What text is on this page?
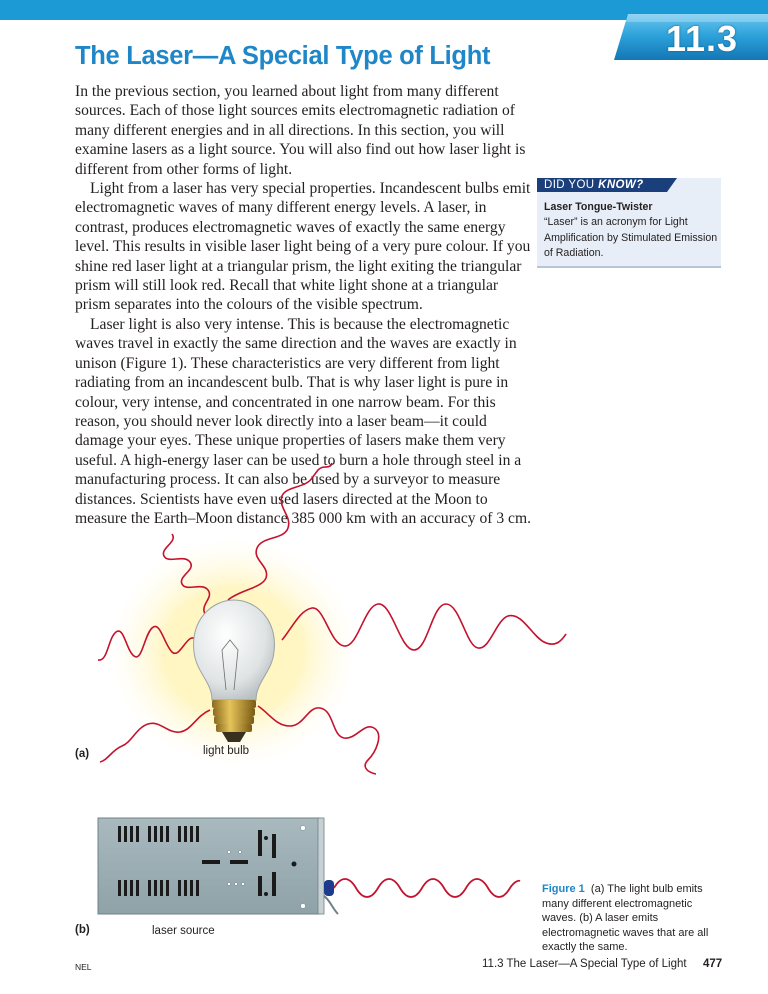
11.3
The Laser—A Special Type of Light

In the previous section, you learned about light from many different sources. Each of those light sources emits electromagnetic radiation of many different energies and in all directions. In this section, you will examine lasers as a light source. You will also find out how laser light is different from other forms of light.

Light from a laser has very special properties. Incandescent bulbs emit electromagnetic waves of many different energy levels. A laser, in contrast, produces electromagnetic waves of exactly the same energy level. This results in visible laser light being of a very pure colour. If you shine red laser light at a triangular prism, the light exiting the triangular prism will still look red. Recall that white light shone at a triangular prism separates into the colours of the visible spectrum.

Laser light is also very intense. This is because the electromagnetic waves travel in exactly the same direction and the waves are exactly in unison (Figure 1). These characteristics are very different from light radiating from an incandescent bulb. That is why laser light is pure in colour, very intense, and concentrated in one narrow beam. For this reason, you should never look directly into a laser beam—it could damage your eyes. These unique properties of lasers make them very useful. A high-energy laser can be used to burn a hole through steel in a manufacturing process. It can also be used by a surveyor to measure distances. Scientists have even used lasers directed at the Moon to measure the Earth–Moon distance 385 000 km with an accuracy of 3 cm.

DID YOU KNOW?
Laser Tongue-Twister
“Laser” is an acronym for Light Amplification by Stimulated Emission of Radiation.
(a)	light bulb
(b)	laser source
Figure 1 (a) The light bulb emits many different electromagnetic waves. (b) A laser emits electromagnetic waves that are all exactly the same.
NEL	11.3 The Laser—A Special Type of Light 477
